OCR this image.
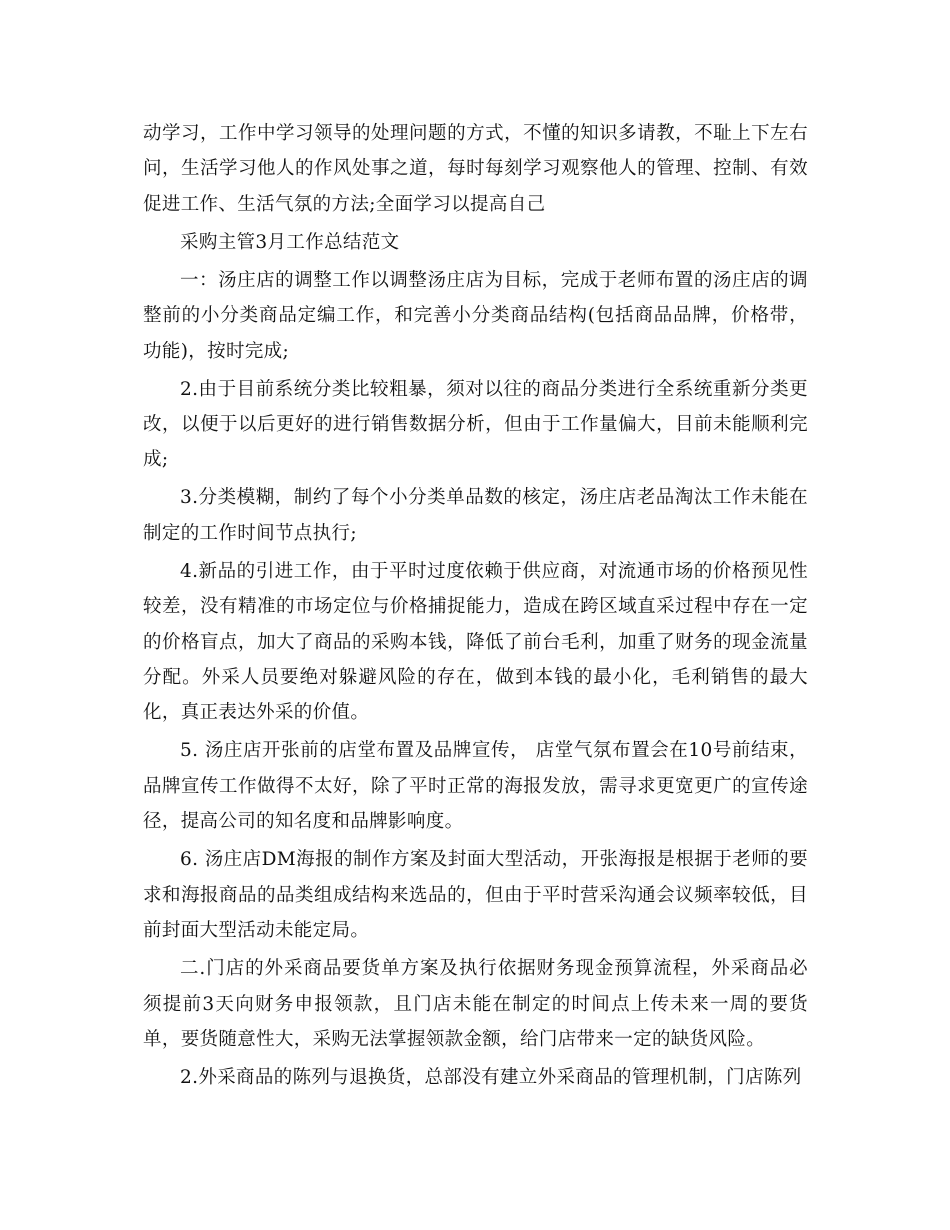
动学习，工作中学习领导的处理问题的方式，不懂的知识多请教，不耻上下左右问，生活学习他人的作风处事之道，每时每刻学习观察他人的管理、控制、有效促进工作、生活气氛的方法;全面学习以提高自己

采购主管3月工作总结范文

一：汤庄店的调整工作以调整汤庄店为目标，完成于老师布置的汤庄店的调整前的小分类商品定编工作，和完善小分类商品结构(包括商品品牌，价格带，功能)，按时完成;

2.由于目前系统分类比较粗暴，须对以往的商品分类进行全系统重新分类更改，以便于以后更好的进行销售数据分析，但由于工作量偏大，目前未能顺利完成;

3.分类模糊，制约了每个小分类单品数的核定，汤庄店老品淘汰工作未能在制定的工作时间节点执行;

4.新品的引进工作，由于平时过度依赖于供应商，对流通市场的价格预见性较差，没有精准的市场定位与价格捕捉能力，造成在跨区域直采过程中存在一定的价格盲点，加大了商品的采购本钱，降低了前台毛利，加重了财务的现金流量分配。外采人员要绝对躲避风险的存在，做到本钱的最小化，毛利销售的最大化，真正表达外采的价值。

5. 汤庄店开张前的店堂布置及品牌宣传， 店堂气氛布置会在10号前结束，品牌宣传工作做得不太好，除了平时正常的海报发放，需寻求更宽更广的宣传途径，提高公司的知名度和品牌影响度。

6. 汤庄店DM海报的制作方案及封面大型活动，开张海报是根据于老师的要求和海报商品的品类组成结构来选品的，但由于平时营采沟通会议频率较低，目前封面大型活动未能定局。

二.门店的外采商品要货单方案及执行依据财务现金预算流程，外采商品必须提前3天向财务申报领款，且门店未能在制定的时间点上传未来一周的要货单，要货随意性大，采购无法掌握领款金额，给门店带来一定的缺货风险。

2.外采商品的陈列与退换货，总部没有建立外采商品的管理机制，门店陈列
